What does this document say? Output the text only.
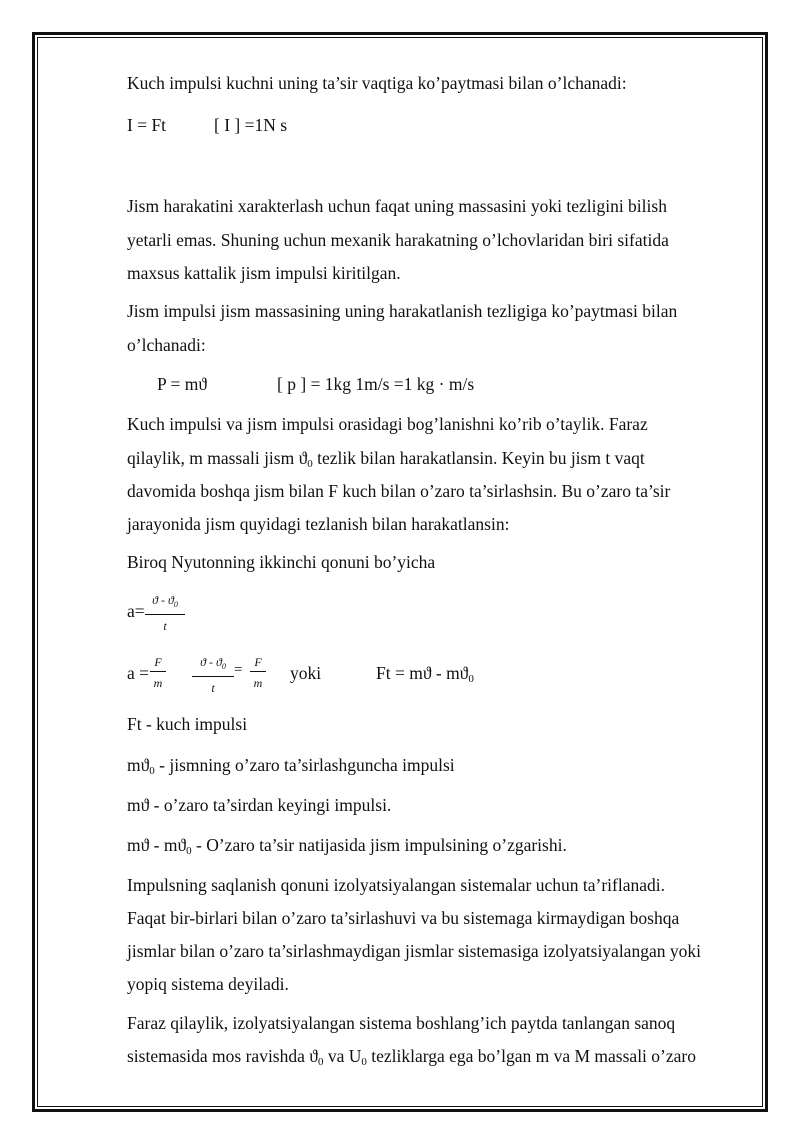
Kuch impulsi kuchni uning ta’sir vaqtiga ko’paytmasi bilan o’lchanadi:
I = Ft	[ I ] =1N s
Jism harakatini xarakterlash uchun faqat uning massasini yoki tezligini bilish
yetarli emas. Shuning uchun mexanik harakatning o’lchovlaridan biri sifatida
maxsus kattalik jism impulsi kiritilgan.
Jism impulsi jism massasining uning harakatlanish tezligiga ko’paytmasi bilan
o’lchanadi:
P = mϑ	[ p ] = 1kg 1m/s =1 kg · m/s
Kuch impulsi va jism impulsi orasidagi bog’lanishni ko’rib o’taylik. Faraz
qilaylik, m massali jism $ϑ_0$ tezlik bilan harakatlansin. Keyin bu jism t vaqt
davomida boshqa jism bilan F kuch bilan o’zaro ta’sirlashsin. Bu o’zaro ta’sir
jarayonida jism quyidagi tezlanish bilan harakatlansin:
Biroq Nyutonning ikkinchi qonuni bo’yicha
$a= \frac{ϑ - ϑ_0}{t}$
$a = \frac{F}{m} \frac{ϑ - ϑ_0}{t} = \frac{F}{m}$ yoki	$Ft = mϑ - mϑ_0$
Ft - kuch impulsi
$mϑ_0$ - jismning o’zaro ta’sirlashguncha impulsi
mϑ - o’zaro ta’sirdan keyingi impulsi.
mϑ - $mϑ_0$ - O’zaro ta’sir natijasida jism impulsining o’zgarishi.
Impulsning saqlanish qonuni izolyatsiyalangan sistemalar uchun ta’riflanadi.
Faqat bir-birlari bilan o’zaro ta’sirlashuvi va bu sistemaga kirmaydigan boshqa
jismlar bilan o’zaro ta’sirlashmaydigan jismlar sistemasiga izolyatsiyalangan yoki
yopiq sistema deyiladi.
Faraz qilaylik, izolyatsiyalangan sistema boshlang’ich paytda tanlangan sanoq
sistemasida mos ravishda $ϑ_0$ va $U_0$ tezliklarga ega bo’lgan m va M massali o’zaro
